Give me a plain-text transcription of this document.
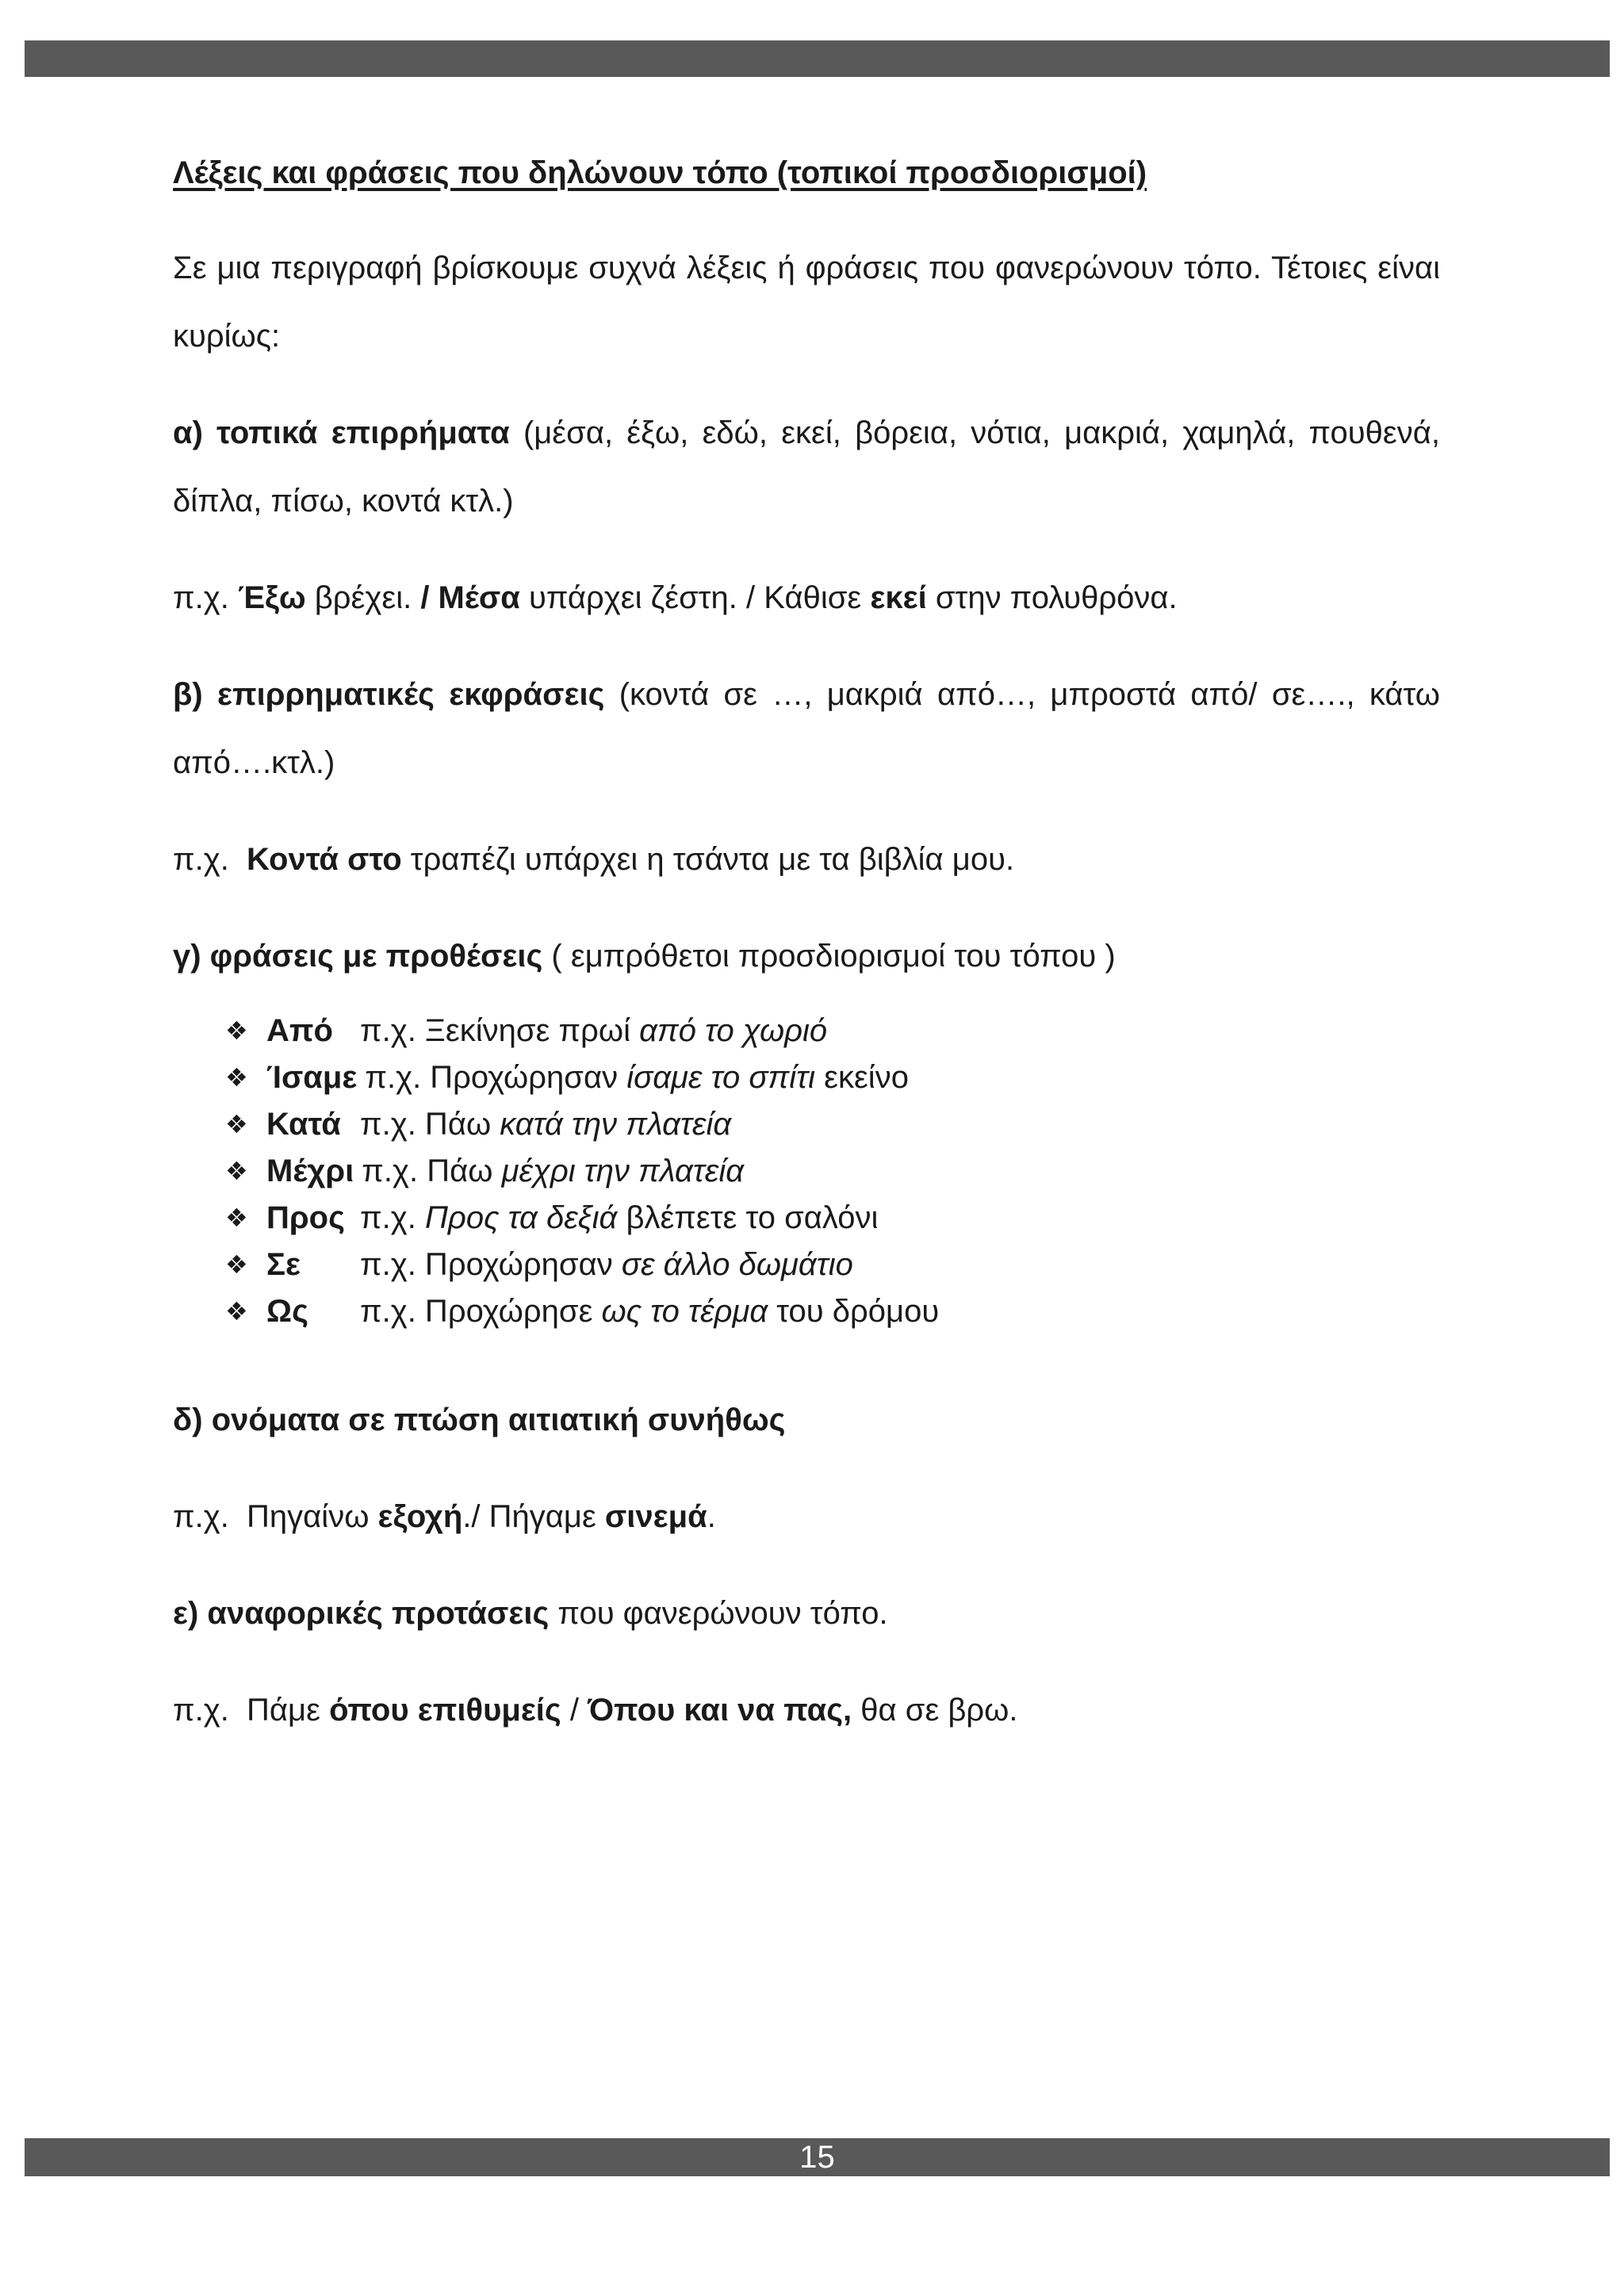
Λέξεις και φράσεις που δηλώνουν τόπο (τοπικοί προσδιορισμοί)

Σε μια περιγραφή βρίσκουμε συχνά λέξεις ή φράσεις που φανερώνουν τόπο. Τέτοιες είναι κυρίως:

α) τοπικά επιρρήματα (μέσα, έξω, εδώ, εκεί, βόρεια, νότια, μακριά, χαμηλά, πουθενά, δίπλα, πίσω, κοντά κτλ.)

π.χ. Έξω βρέχει. / Μέσα υπάρχει ζέστη. / Κάθισε εκεί στην πολυθρόνα.

β) επιρρηματικές εκφράσεις (κοντά σε …, μακριά από…, μπροστά από/ σε…., κάτω από….κτλ.)

π.χ.  Κοντά στο τραπέζι υπάρχει η τσάντα με τα βιβλία μου.

γ) φράσεις με προθέσεις ( εμπρόθετοι προσδιορισμοί του τόπου )

❖ Από π.χ. Ξεκίνησε πρωί από το χωριό
❖ Ίσαμε π.χ. Προχώρησαν ίσαμε το σπίτι εκείνο
❖ Κατά π.χ. Πάω κατά την πλατεία
❖ Μέχρι π.χ. Πάω μέχρι την πλατεία
❖ Προς π.χ. Προς τα δεξιά βλέπετε το σαλόνι
❖ Σε	π.χ. Προχώρησαν σε άλλο δωμάτιο
❖ Ως	π.χ. Προχώρησε ως το τέρμα του δρόμου

δ) ονόματα σε πτώση αιτιατική συνήθως

π.χ.  Πηγαίνω εξοχή./ Πήγαμε σινεμά.

ε) αναφορικές προτάσεις που φανερώνουν τόπο.

π.χ.  Πάμε όπου επιθυμείς / Όπου και να πας, θα σε βρω.

15
